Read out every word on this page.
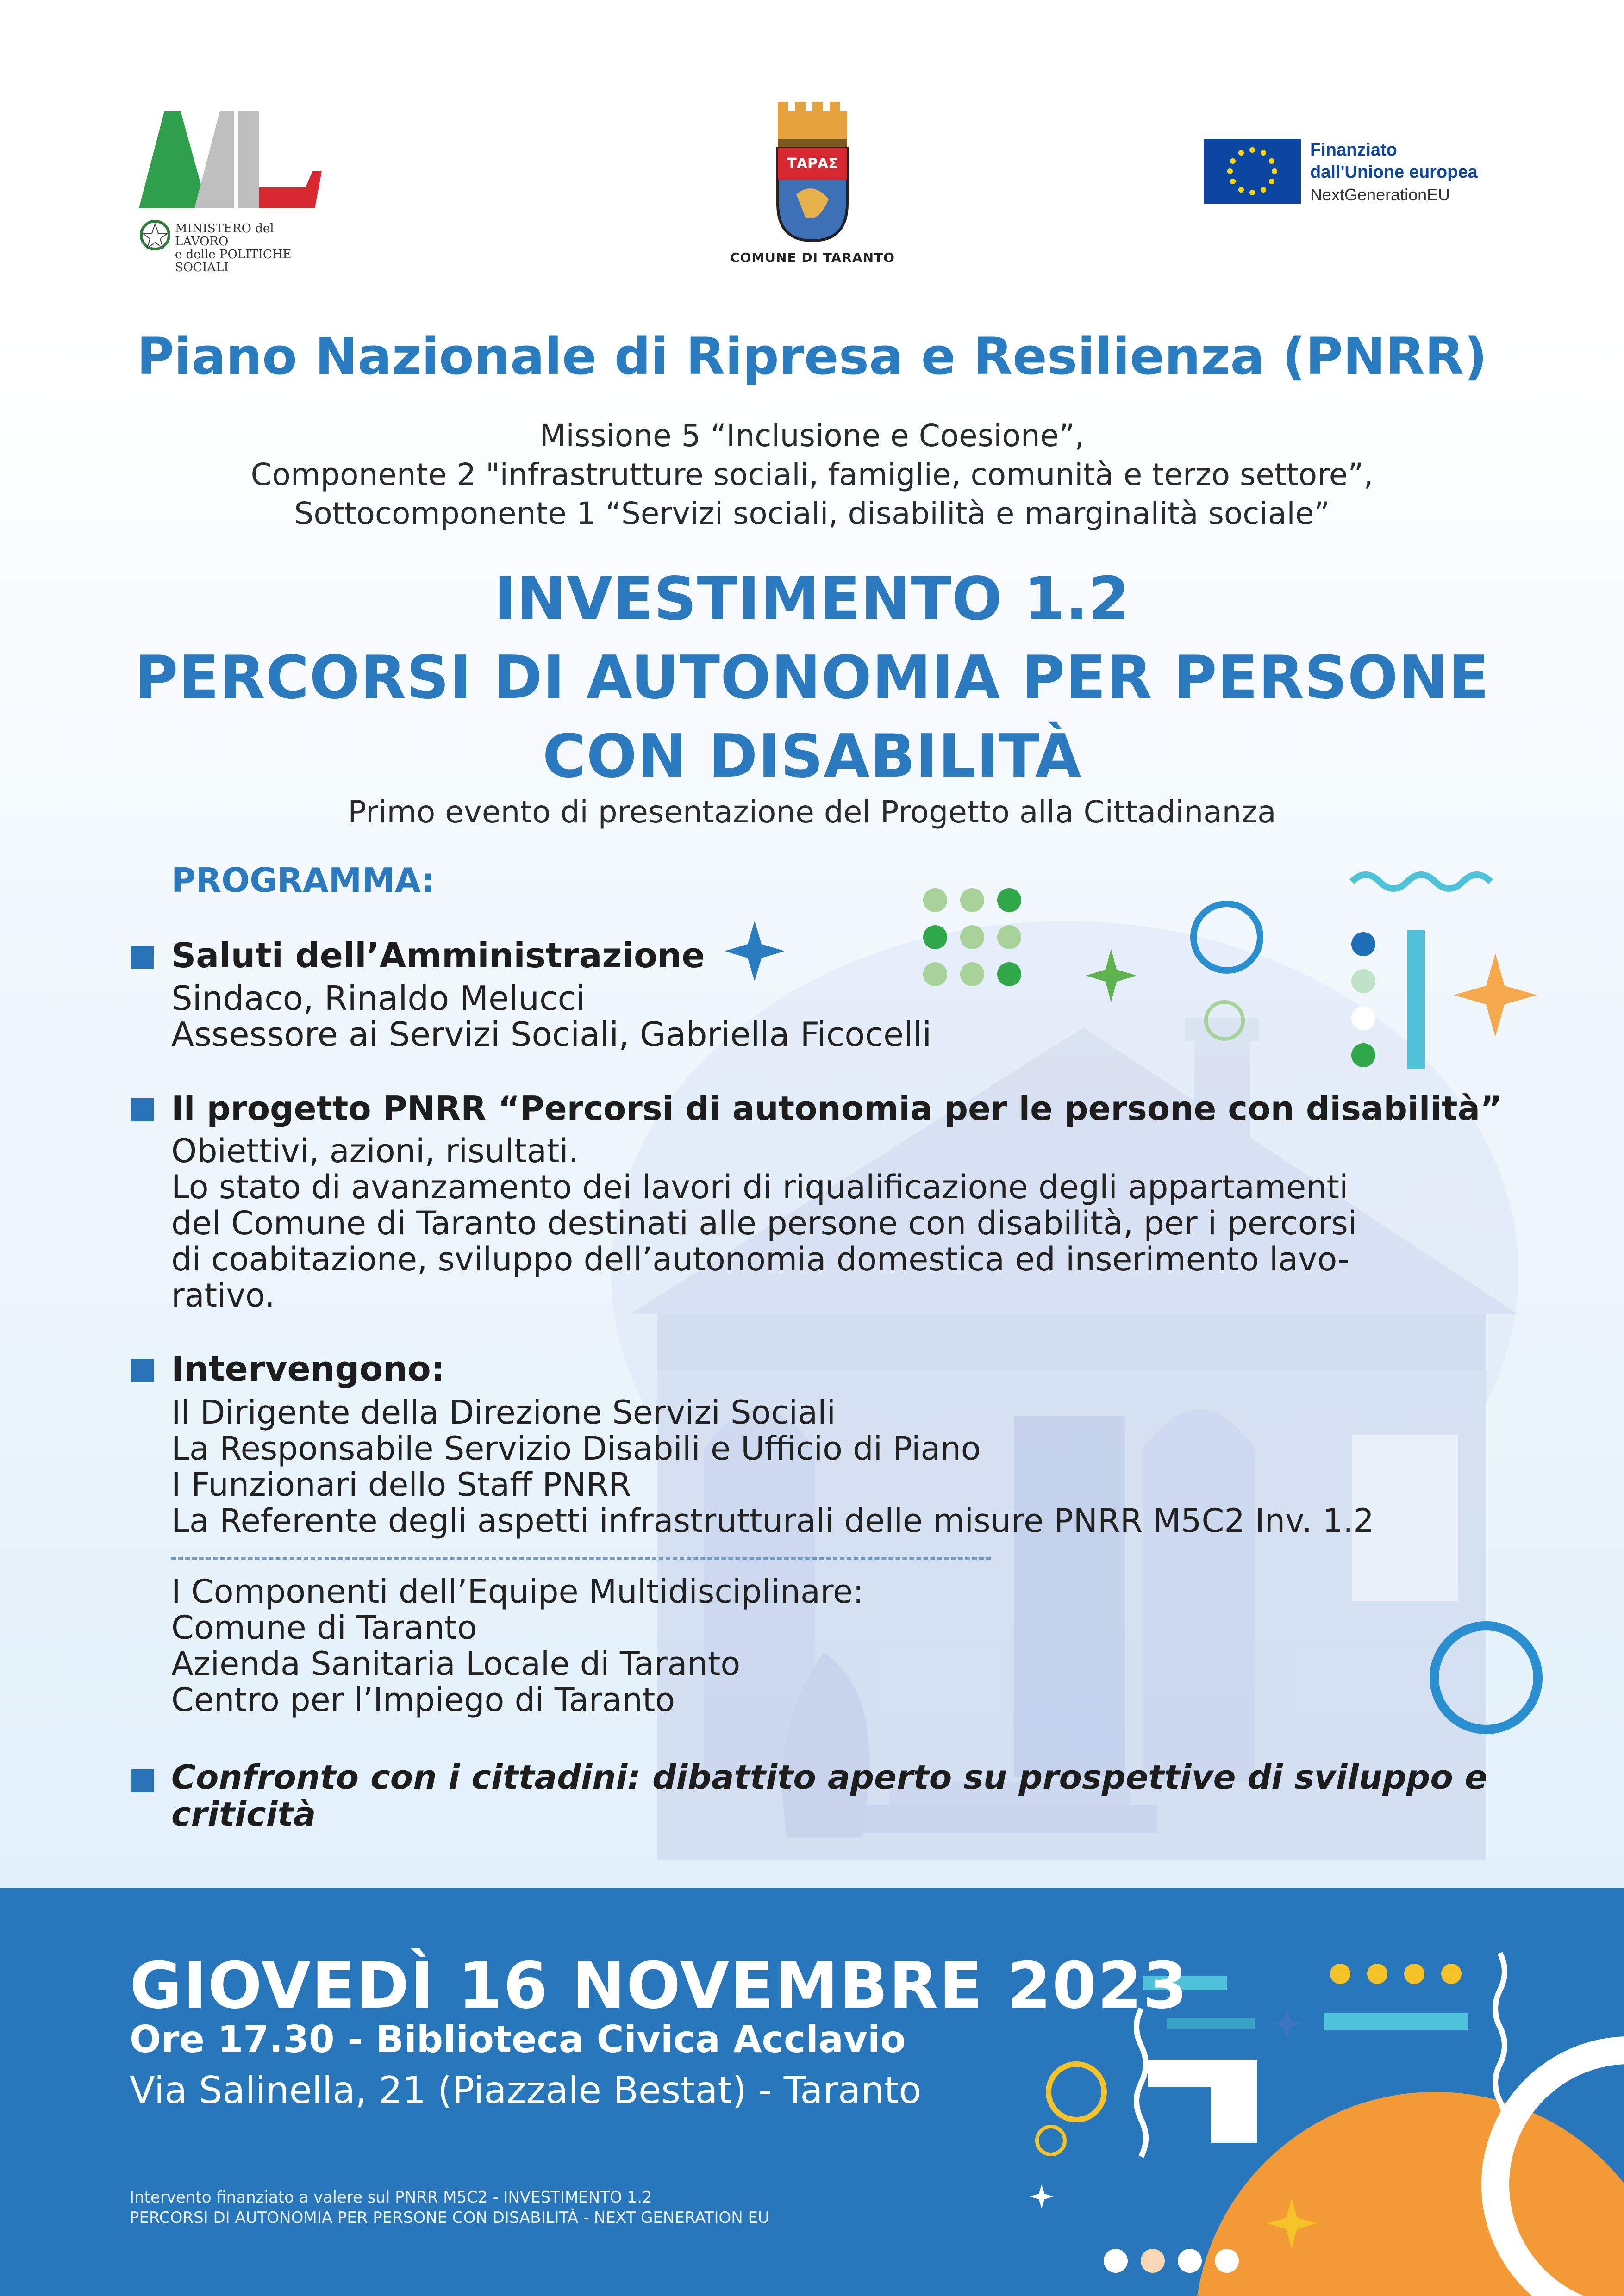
MINISTERO del LAVORO
e delle POLITICHE SOCIALI
ΤΑΡΑΣ
COMUNE DI TARANTO
Finanziato
dall'Unione europea
NextGenerationEU
Piano Nazionale di Ripresa e Resilienza (PNRR)
Missione 5 “Inclusione e Coesione”,
Componente 2 "infrastrutture sociali, famiglie, comunità e terzo settore”,
Sottocomponente 1 “Servizi sociali, disabilità e marginalità sociale”
INVESTIMENTO 1.2
PERCORSI DI AUTONOMIA PER PERSONE
CON DISABILITÀ
Primo evento di presentazione del Progetto alla Cittadinanza
PROGRAMMA:
Saluti dell’Amministrazione
Sindaco, Rinaldo Melucci
Assessore ai Servizi Sociali, Gabriella Ficocelli
Il progetto PNRR “Percorsi di autonomia per le persone con disabilità”
Obiettivi, azioni, risultati.
Lo stato di avanzamento dei lavori di riqualificazione degli appartamenti
del Comune di Taranto destinati alle persone con disabilità, per i percorsi
di coabitazione, sviluppo dell’autonomia domestica ed inserimento lavo-
rativo.
Intervengono:
Il Dirigente della Direzione Servizi Sociali
La Responsabile Servizio Disabili e Ufficio di Piano
I Funzionari dello Staff PNRR
La Referente degli aspetti infrastrutturali delle misure PNRR M5C2 Inv. 1.2
I Componenti dell’Equipe Multidisciplinare:
Comune di Taranto
Azienda Sanitaria Locale di Taranto
Centro per l’Impiego di Taranto
Confronto con i cittadini: dibattito aperto su prospettive di sviluppo e
criticità
GIOVEDÌ 16 NOVEMBRE 2023
Ore 17.30 - Biblioteca Civica Acclavio
Via Salinella, 21 (Piazzale Bestat) - Taranto
Intervento finanziato a valere sul PNRR M5C2 - INVESTIMENTO 1.2
PERCORSI DI AUTONOMIA PER PERSONE CON DISABILITÀ - NEXT GENERATION EU
